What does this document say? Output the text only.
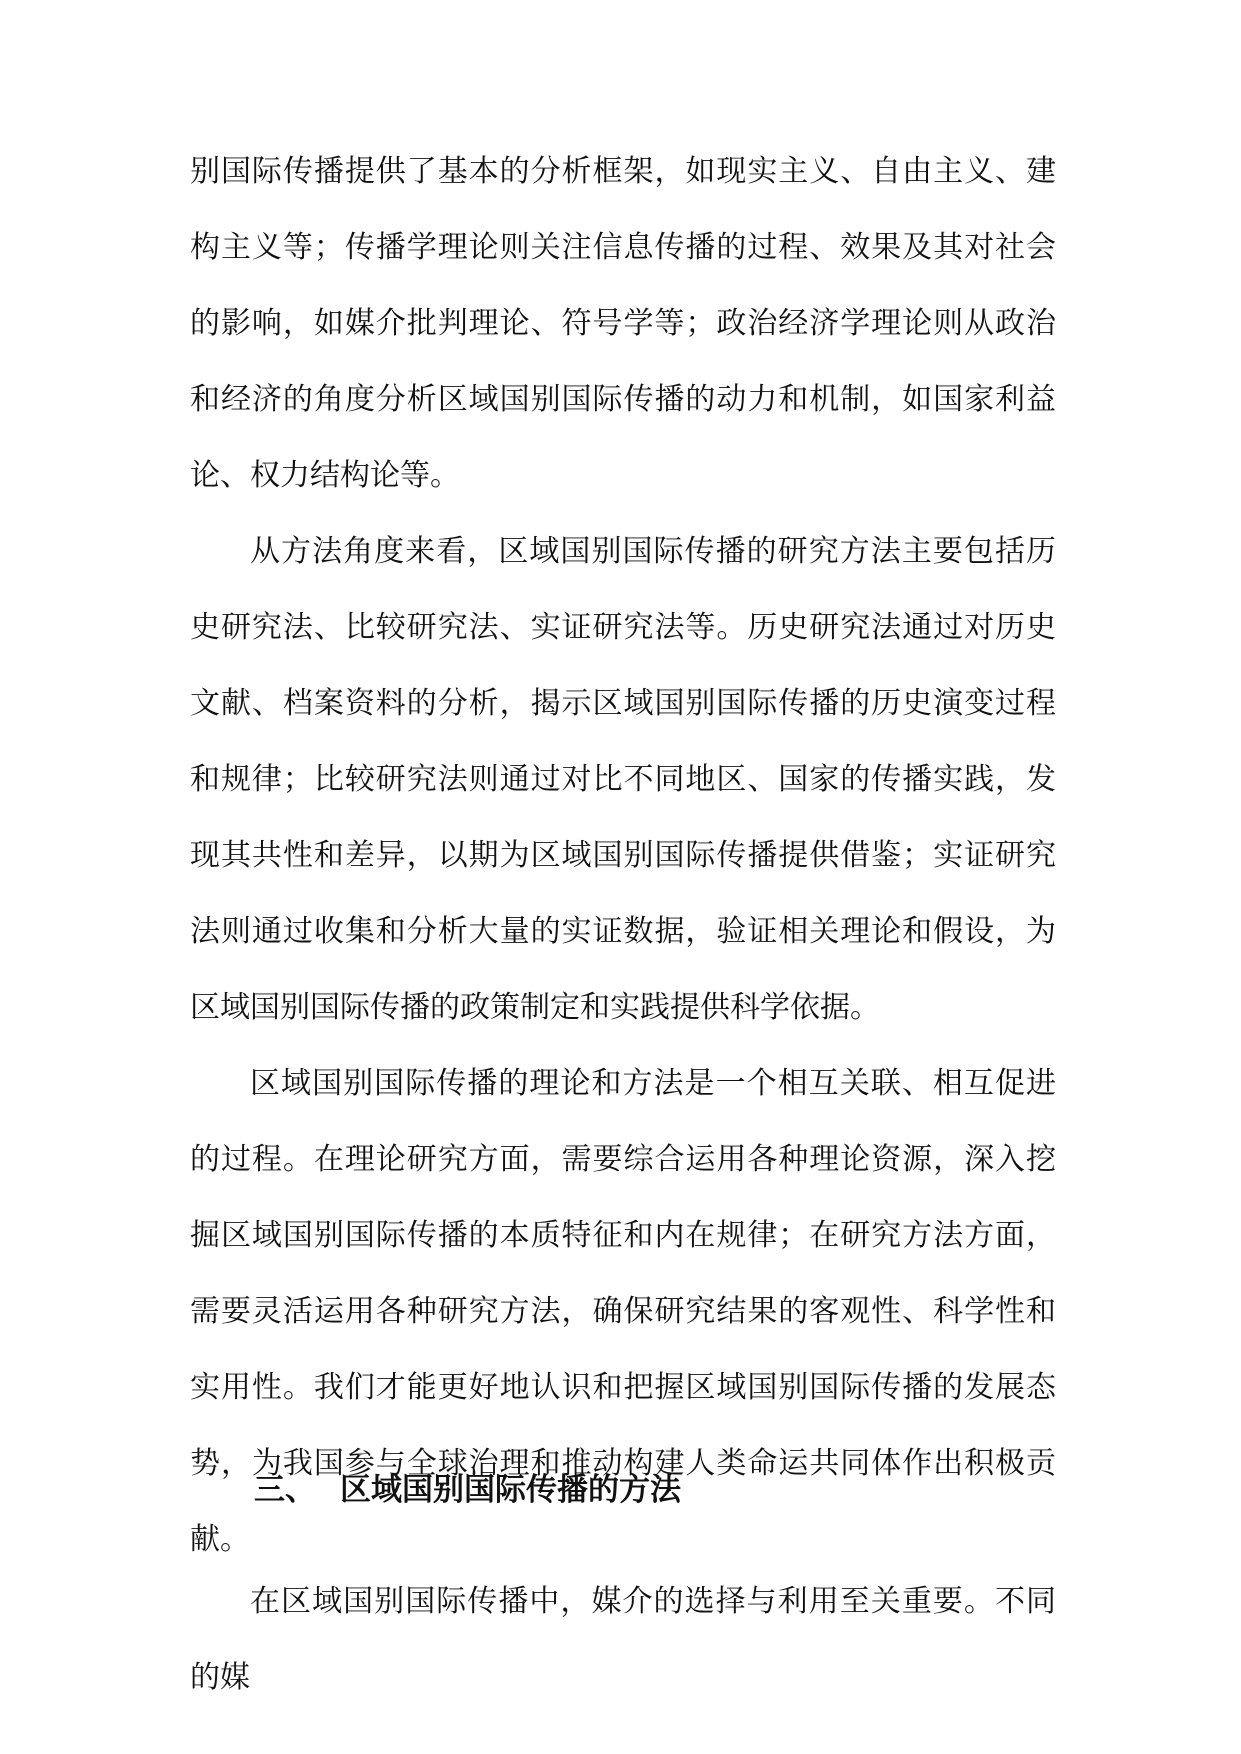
别国际传播提供了基本的分析框架，如现实主义、自由主义、建构主义等；传播学理论则关注信息传播的过程、效果及其对社会的影响，如媒介批判理论、符号学等；政治经济学理论则从政治和经济的角度分析区域国别国际传播的动力和机制，如国家利益论、权力结构论等。

从方法角度来看，区域国别国际传播的研究方法主要包括历史研究法、比较研究法、实证研究法等。历史研究法通过对历史文献、档案资料的分析，揭示区域国别国际传播的历史演变过程和规律；比较研究法则通过对比不同地区、国家的传播实践，发现其共性和差异，以期为区域国别国际传播提供借鉴；实证研究法则通过收集和分析大量的实证数据，验证相关理论和假设，为区域国别国际传播的政策制定和实践提供科学依据。

区域国别国际传播的理论和方法是一个相互关联、相互促进的过程。在理论研究方面，需要综合运用各种理论资源，深入挖掘区域国别国际传播的本质特征和内在规律；在研究方法方面，需要灵活运用各种研究方法，确保研究结果的客观性、科学性和实用性。我们才能更好地认识和把握区域国别国际传播的发展态势，为我国参与全球治理和推动构建人类命运共同体作出积极贡献。

三、 区域国别国际传播的方法

在区域国别国际传播中，媒介的选择与利用至关重要。不同的媒
